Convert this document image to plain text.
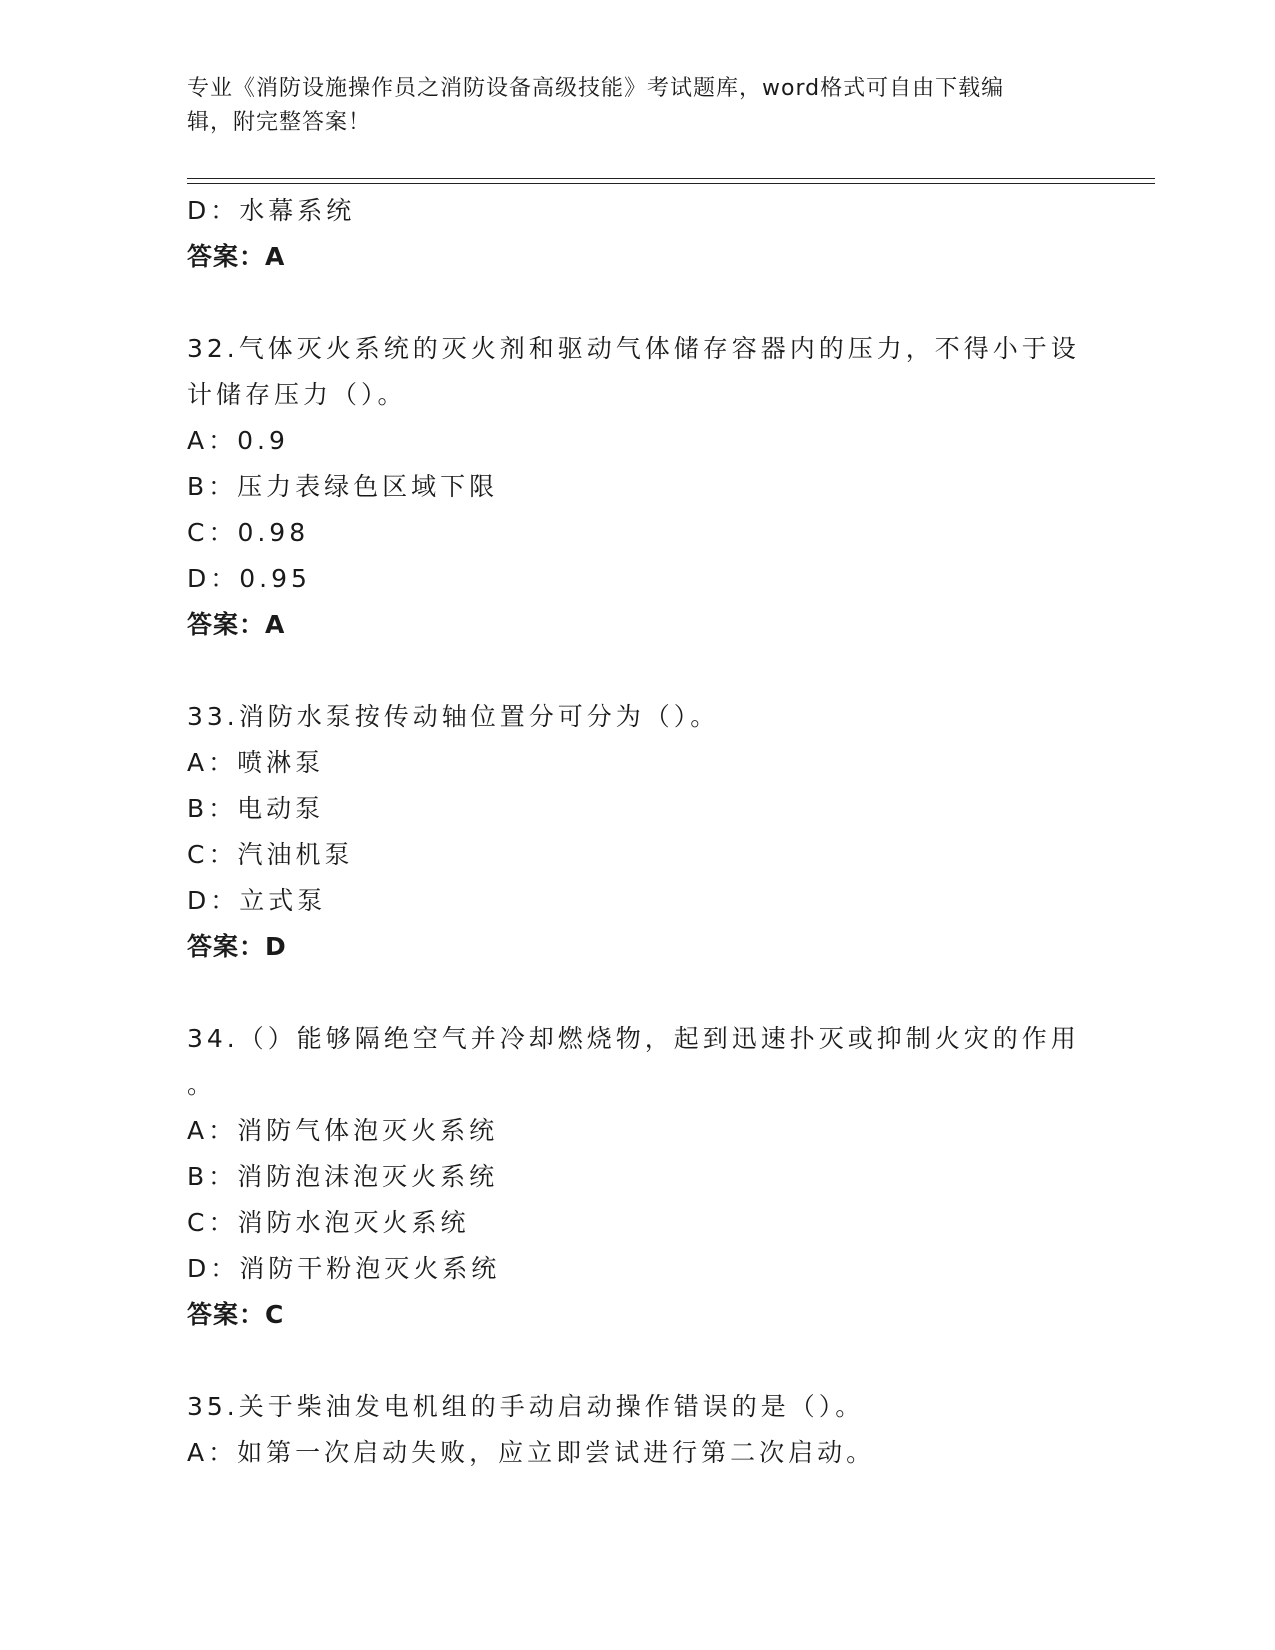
专业《消防设施操作员之消防设备高级技能》考试题库，word格式可自由下载编
辑，附完整答案！
D：水幕系统
答案：A
32.气体灭火系统的灭火剂和驱动气体储存容器内的压力，不得小于设
计储存压力（）。
A：0.9
B：压力表绿色区域下限
C：0.98
D：0.95
答案：A
33.消防水泵按传动轴位置分可分为（）。
A：喷淋泵
B：电动泵
C：汽油机泵
D：立式泵
答案：D
34.（）能够隔绝空气并冷却燃烧物，起到迅速扑灭或抑制火灾的作用
。
A：消防气体泡灭火系统
B：消防泡沫泡灭火系统
C：消防水泡灭火系统
D：消防干粉泡灭火系统
答案：C
35.关于柴油发电机组的手动启动操作错误的是（）。
A：如第一次启动失败，应立即尝试进行第二次启动。
